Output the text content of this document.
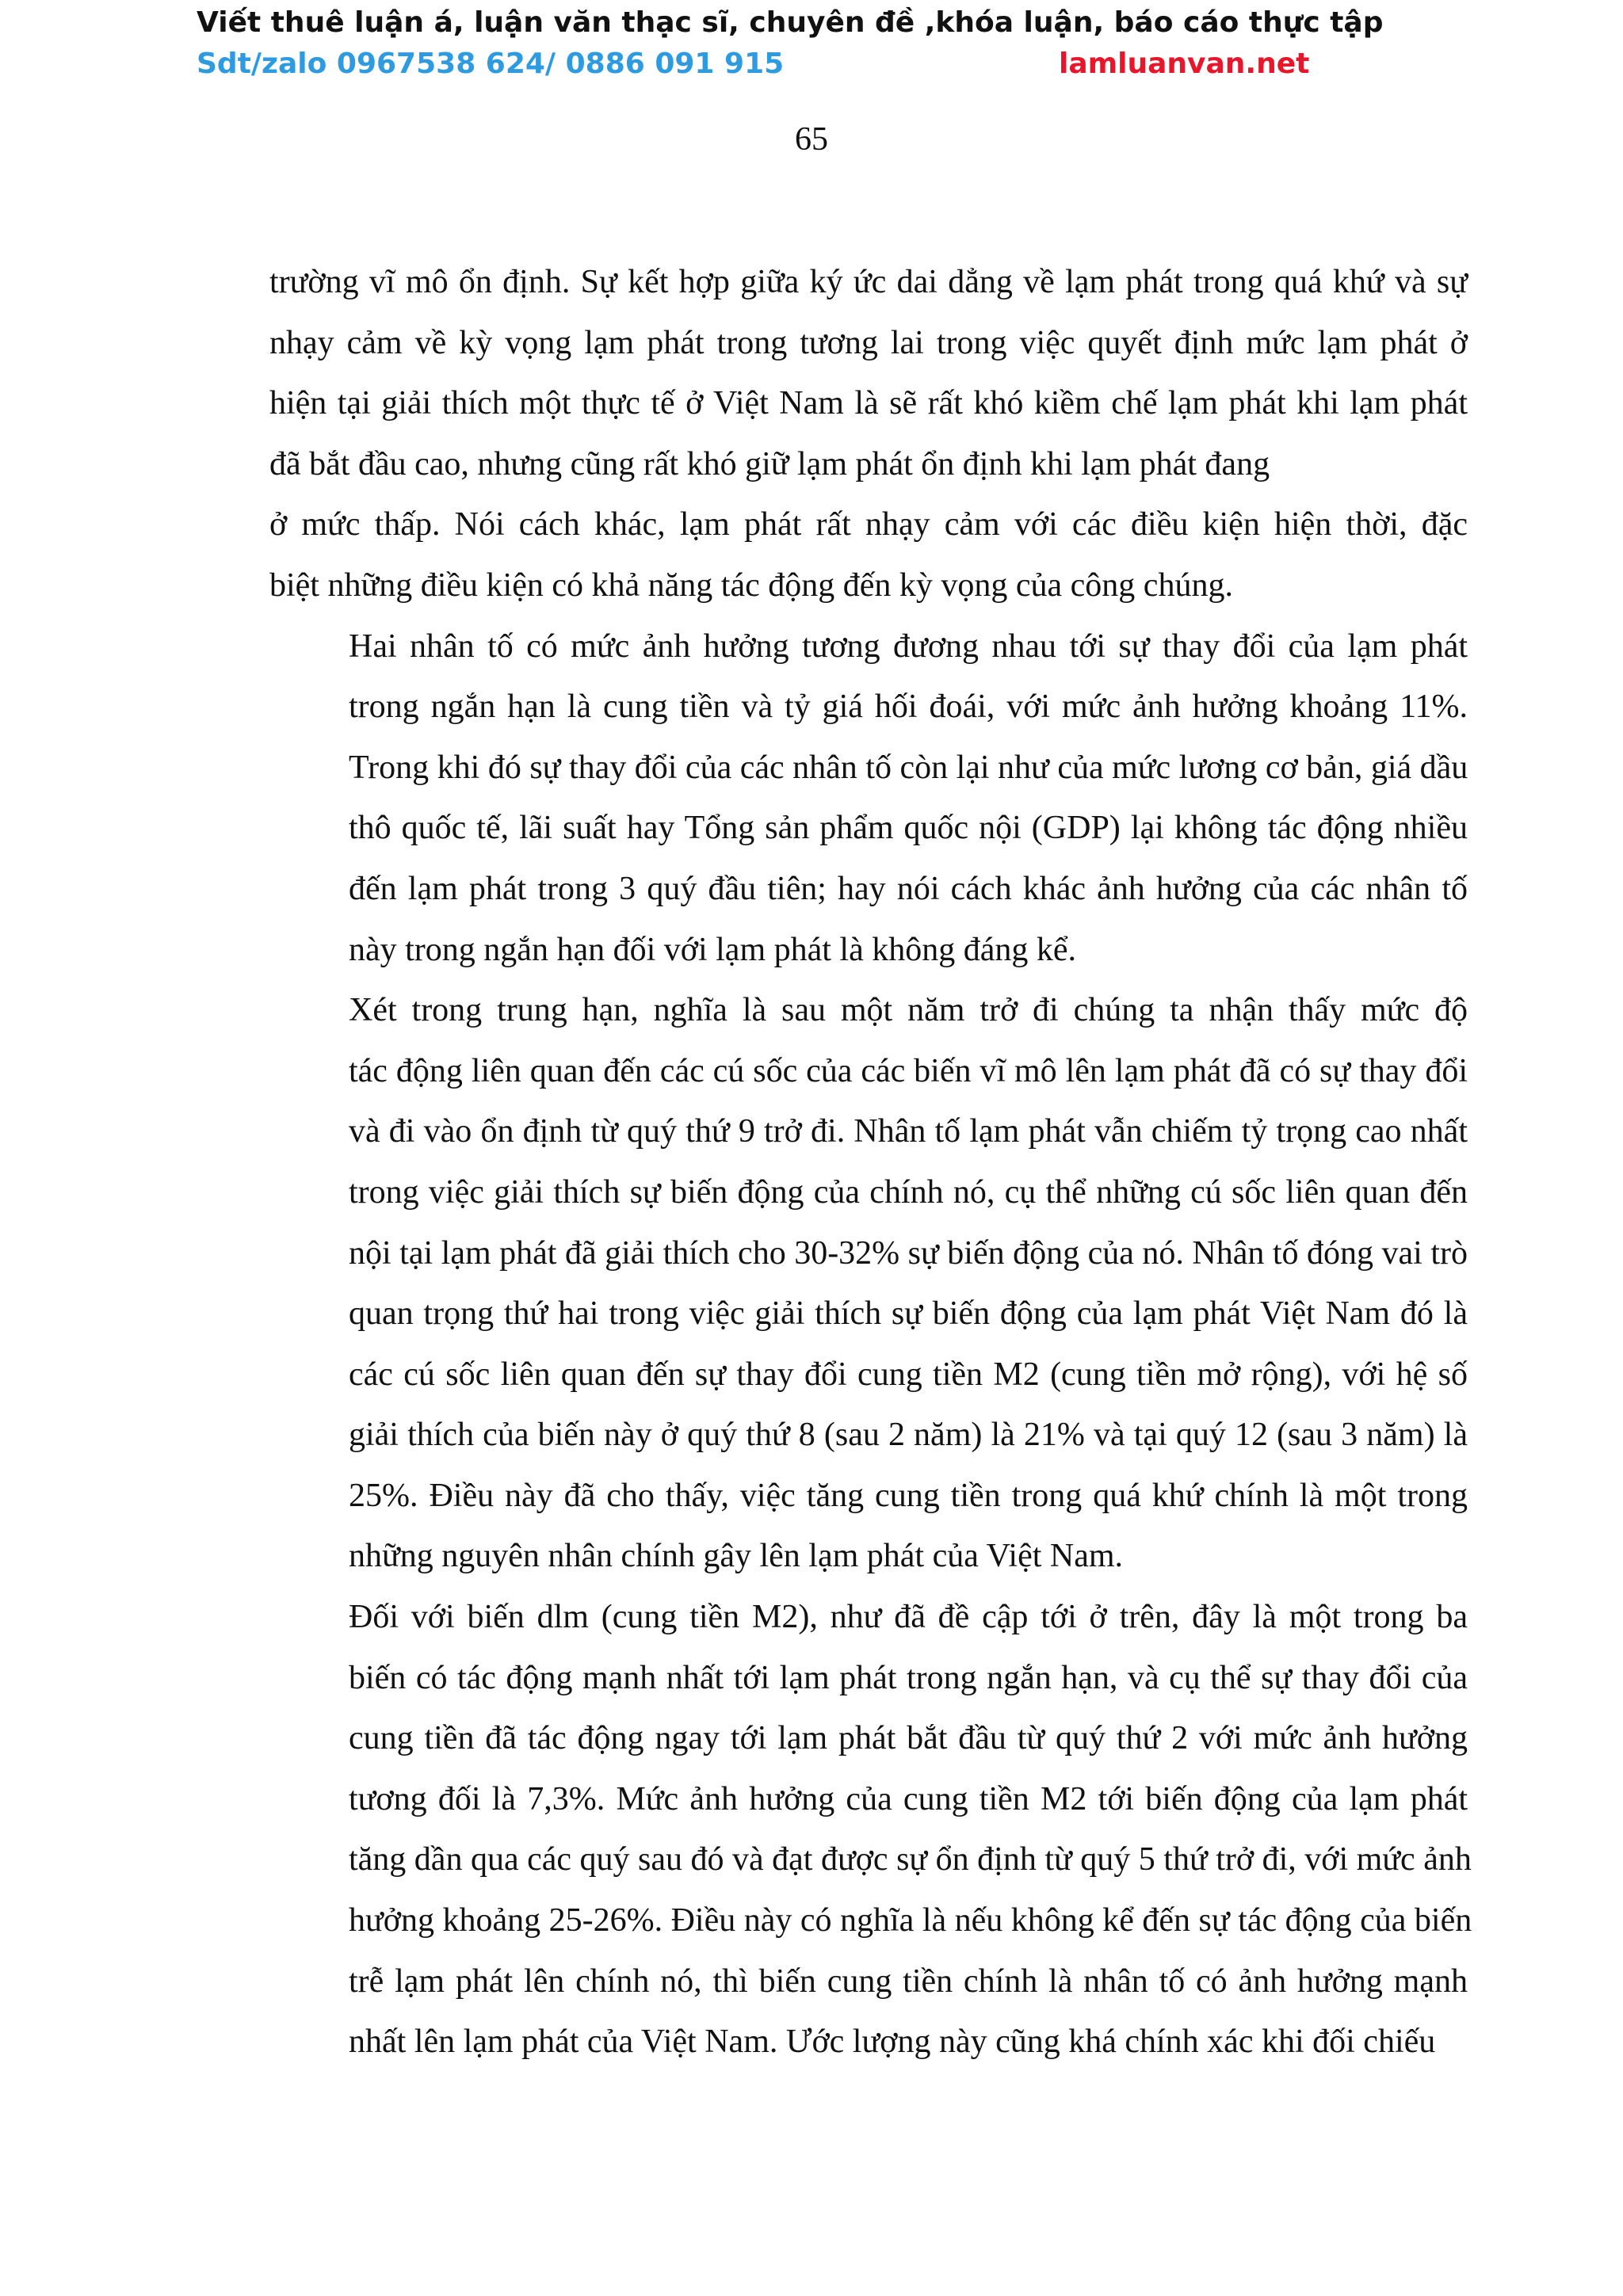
Viết thuê luận á, luận văn thạc sĩ, chuyên đề ,khóa luận, báo cáo thực tập
Sdt/zalo 0967538 624/ 0886 091 915	lamluanvan.net
65

trường vĩ mô ổn định. Sự kết hợp giữa ký ức dai dẳng về lạm phát trong quá khứ và sự
nhạy cảm về kỳ vọng lạm phát trong tương lai trong việc quyết định mức lạm phát ở
hiện tại giải thích một thực tế ở Việt Nam là sẽ rất khó kiềm chế lạm phát khi lạm phát
đã bắt đầu cao, nhưng cũng rất khó giữ lạm phát ổn định khi lạm phát đang
ở mức thấp. Nói cách khác, lạm phát rất nhạy cảm với các điều kiện hiện thời, đặc
biệt những điều kiện có khả năng tác động đến kỳ vọng của công chúng.

Hai nhân tố có mức ảnh hưởng tương đương nhau tới sự thay đổi của lạm phát
trong ngắn hạn là cung tiền và tỷ giá hối đoái, với mức ảnh hưởng khoảng 11%.
Trong khi đó sự thay đổi của các nhân tố còn lại như của mức lương cơ bản, giá dầu
thô quốc tế, lãi suất hay Tổng sản phẩm quốc nội (GDP) lại không tác động nhiều
đến lạm phát trong 3 quý đầu tiên; hay nói cách khác ảnh hưởng của các nhân tố
này trong ngắn hạn đối với lạm phát là không đáng kể.

Xét trong trung hạn, nghĩa là sau một năm trở đi chúng ta nhận thấy mức độ
tác động liên quan đến các cú sốc của các biến vĩ mô lên lạm phát đã có sự thay đổi
và đi vào ổn định từ quý thứ 9 trở đi. Nhân tố lạm phát vẫn chiếm tỷ trọng cao nhất
trong việc giải thích sự biến động của chính nó, cụ thể những cú sốc liên quan đến
nội tại lạm phát đã giải thích cho 30-32% sự biến động của nó. Nhân tố đóng vai trò
quan trọng thứ hai trong việc giải thích sự biến động của lạm phát Việt Nam đó là
các cú sốc liên quan đến sự thay đổi cung tiền M2 (cung tiền mở rộng), với hệ số
giải thích của biến này ở quý thứ 8 (sau 2 năm) là 21% và tại quý 12 (sau 3 năm) là
25%. Điều này đã cho thấy, việc tăng cung tiền trong quá khứ chính là một trong
những nguyên nhân chính gây lên lạm phát của Việt Nam.

Đối với biến dlm (cung tiền M2), như đã đề cập tới ở trên, đây là một trong ba
biến có tác động mạnh nhất tới lạm phát trong ngắn hạn, và cụ thể sự thay đổi của
cung tiền đã tác động ngay tới lạm phát bắt đầu từ quý thứ 2 với mức ảnh hưởng
tương đối là 7,3%. Mức ảnh hưởng của cung tiền M2 tới biến động của lạm phát
tăng dần qua các quý sau đó và đạt được sự ổn định từ quý 5 thứ trở đi, với mức ảnh
hưởng khoảng 25-26%. Điều này có nghĩa là nếu không kể đến sự tác động của biến
trễ lạm phát lên chính nó, thì biến cung tiền chính là nhân tố có ảnh hưởng mạnh
nhất lên lạm phát của Việt Nam. Ước lượng này cũng khá chính xác khi đối chiếu
